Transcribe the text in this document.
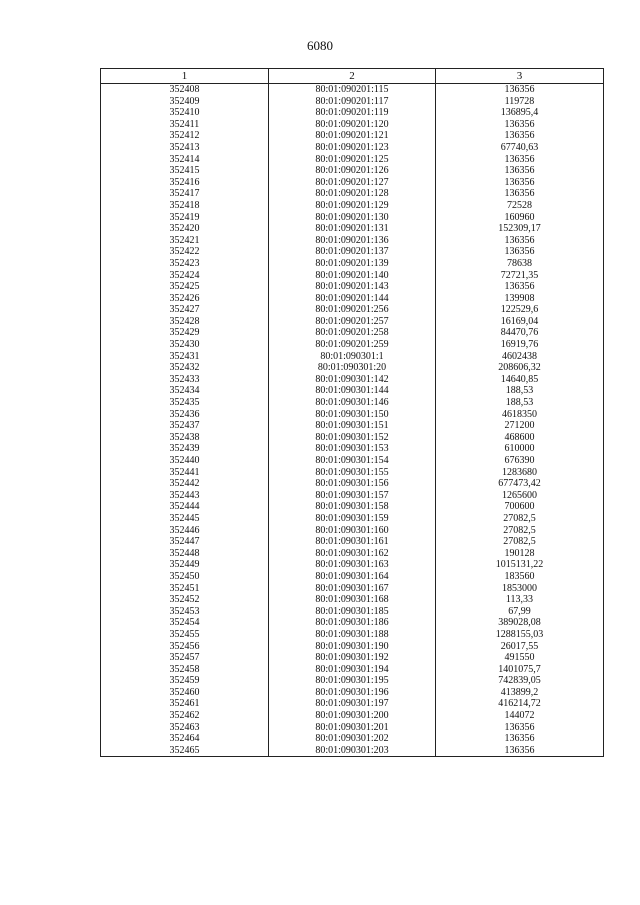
6080
1	2	3
352408	80:01:090201:115	136356
352409	80:01:090201:117	119728
352410	80:01:090201:119	136895,4
352411	80:01:090201:120	136356
352412	80:01:090201:121	136356
352413	80:01:090201:123	67740,63
352414	80:01:090201:125	136356
352415	80:01:090201:126	136356
352416	80:01:090201:127	136356
352417	80:01:090201:128	136356
352418	80:01:090201:129	72528
352419	80:01:090201:130	160960
352420	80:01:090201:131	152309,17
352421	80:01:090201:136	136356
352422	80:01:090201:137	136356
352423	80:01:090201:139	78638
352424	80:01:090201:140	72721,35
352425	80:01:090201:143	136356
352426	80:01:090201:144	139908
352427	80:01:090201:256	122529,6
352428	80:01:090201:257	16169,04
352429	80:01:090201:258	84470,76
352430	80:01:090201:259	16919,76
352431	80:01:090301:1	4602438
352432	80:01:090301:20	208606,32
352433	80:01:090301:142	14640,85
352434	80:01:090301:144	188,53
352435	80:01:090301:146	188,53
352436	80:01:090301:150	4618350
352437	80:01:090301:151	271200
352438	80:01:090301:152	468600
352439	80:01:090301:153	610000
352440	80:01:090301:154	676390
352441	80:01:090301:155	1283680
352442	80:01:090301:156	677473,42
352443	80:01:090301:157	1265600
352444	80:01:090301:158	700600
352445	80:01:090301:159	27082,5
352446	80:01:090301:160	27082,5
352447	80:01:090301:161	27082,5
352448	80:01:090301:162	190128
352449	80:01:090301:163	1015131,22
352450	80:01:090301:164	183560
352451	80:01:090301:167	1853000
352452	80:01:090301:168	113,33
352453	80:01:090301:185	67,99
352454	80:01:090301:186	389028,08
352455	80:01:090301:188	1288155,03
352456	80:01:090301:190	26017,55
352457	80:01:090301:192	491550
352458	80:01:090301:194	1401075,7
352459	80:01:090301:195	742839,05
352460	80:01:090301:196	413899,2
352461	80:01:090301:197	416214,72
352462	80:01:090301:200	144072
352463	80:01:090301:201	136356
352464	80:01:090301:202	136356
352465	80:01:090301:203	136356
